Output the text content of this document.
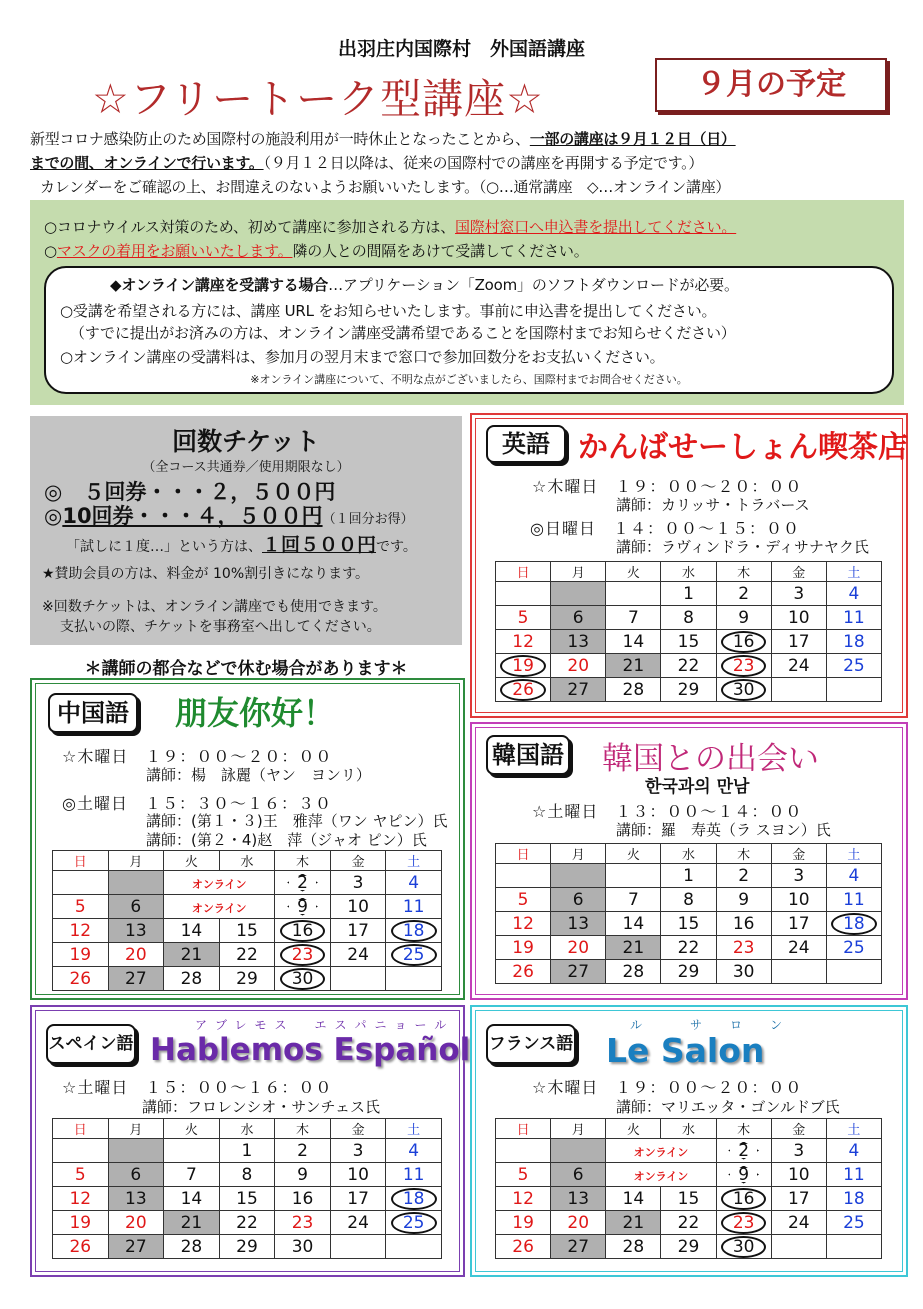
出羽庄内国際村　外国語講座
☆フリートーク型講座☆	９月の予定
新型コロナ感染防止のため国際村の施設利用が一時休止となったことから、一部の講座は９月１２日（日）
までの間、オンラインで行います。（９月１２日以降は、従来の国際村での講座を再開する予定です。）
カレンダーをご確認の上、お間違えのないようお願いいたします。（○…通常講座　◇…オンライン講座）
○コロナウイルス対策のため、初めて講座に参加される方は、国際村窓口へ申込書を提出してください。
○マスクの着用をお願いいたします。隣の人との間隔をあけて受講してください。
◆オンライン講座を受講する場合…アプリケーション「Zoom」のソフトダウンロードが必要。
○受講を希望される方には、講座 URL をお知らせいたします。事前に申込書を提出してください。
（すでに提出がお済みの方は、オンライン講座受講希望であることを国際村までお知らせください）
○オンライン講座の受講料は、参加月の翌月末まで窓口で参加回数分をお支払いください。
※オンライン講座について、不明な点がございましたら、国際村までお問合せください。
回数チケット
（全コース共通券／使用期限なし）
◎　５回券・・・２，５００円
◎10回券・・・４，５００円（１回分お得）
「試しに１度…」という方は、１回５００円です。
★賛助会員の方は、料金が 10%割引きになります。
※回数チケットは、オンライン講座でも使用できます。
支払いの際、チケットを事務室へ出してください。
＊講師の都合などで休む場合があります＊
英語 かんばせーしょん喫茶店
☆木曜日　１９：００～２０：００
講師：カリッサ・トラバース
◎日曜日　１４：００～１５：００
講師：ラヴィンドラ・ディサナヤク氏
日	月	火	水	木	金	土
			1	2	3	4
5	6	7	8	9	10	11
12	13	14	15	16	17	18
19	20	21	22	23	24	25
26	27	28	29	30		
中国語 朋友你好！
☆木曜日　１９：００～２０：００
講師：楊　詠麗（ヤン　ヨンリ）
◎土曜日　１５：３０～１６：３０
講師：(第１・３)王　雅萍（ワン ヤピン）氏
講師：(第２・4)赵　萍（ジャオ ピン）氏
日	月	火	水	木	金	土
		オンライン		2	3	4
5	6	オンライン		9	10	11
12	13	14	15	16	17	18
19	20	21	22	23	24	25
26	27	28	29	30		
韓国語 韓国との出会い
한국과의 만남
☆土曜日　１３：００～１４：００
講師：羅　寿英（ラ スヨン）氏
日	月	火	水	木	金	土
			1	2	3	4
5	6	7	8	9	10	11
12	13	14	15	16	17	18
19	20	21	22	23	24	25
26	27	28	29	30		
アブレモス　エスパニョール
スペイン語 Hablemos Español
☆土曜日　１５：００～１６：００
講師：フロレンシオ・サンチェス氏
日	月	火	水	木	金	土
			1	2	3	4
5	6	7	8	9	10	11
12	13	14	15	16	17	18
19	20	21	22	23	24	25
26	27	28	29	30		
ル　　サ　ロ　ン
フランス語 Le Salon
☆木曜日　１９：００～２０：００
講師：マリエッタ・ゴンルドブ氏
日	月	火	水	木	金	土
		オンライン		2	3	4
5	6	オンライン		9	10	11
12	13	14	15	16	17	18
19	20	21	22	23	24	25
26	27	28	29	30		
